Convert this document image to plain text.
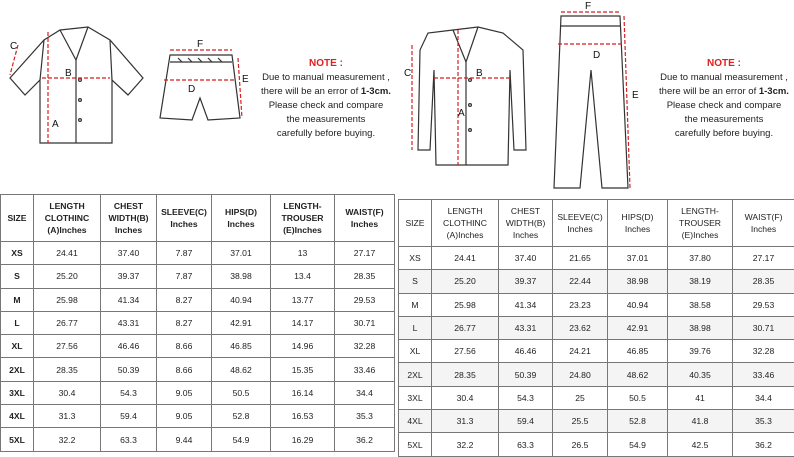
C
B
A
F
D
E
NOTE :
Due to manual measurement ,
there will be an error of 1-3cm.
Please check and compare
the measurements
carefully before buying.
SIZE	LENGTH CLOTHINC (A)Inches	CHEST WIDTH(B) Inches	SLEEVE(C) Inches	HIPS(D) Inches	LENGTH- TROUSER (E)Inches	WAIST(F) Inches
XS	24.41	37.40	7.87	37.01	13	27.17
S	25.20	39.37	7.87	38.98	13.4	28.35
M	25.98	41.34	8.27	40.94	13.77	29.53
L	26.77	43.31	8.27	42.91	14.17	30.71
XL	27.56	46.46	8.66	46.85	14.96	32.28
2XL	28.35	50.39	8.66	48.62	15.35	33.46
3XL	30.4	54.3	9.05	50.5	16.14	34.4
4XL	31.3	59.4	9.05	52.8	16.53	35.3
5XL	32.2	63.3	9.44	54.9	16.29	36.2
C	B
A
F
D
E
NOTE :
Due to manual measurement ,
there will be an error of 1-3cm.
Please check and compare
the measurements
carefully before buying.
SIZE	LENGTH CLOTHINC (A)Inches	CHEST WIDTH(B) Inches	SLEEVE(C) Inches	HIPS(D) Inches	LENGTH- TROUSER (E)Inches	WAIST(F) Inches
XS	24.41	37.40	21.65	37.01	37.80	27.17
S	25.20	39.37	22.44	38.98	38.19	28.35
M	25.98	41.34	23.23	40.94	38.58	29.53
L	26.77	43.31	23.62	42.91	38.98	30.71
XL	27.56	46.46	24.21	46.85	39.76	32.28
2XL	28.35	50.39	24.80	48.62	40.35	33.46
3XL	30.4	54.3	25	50.5	41	34.4
4XL	31.3	59.4	25.5	52.8	41.8	35.3
5XL	32.2	63.3	26.5	54.9	42.5	36.2
